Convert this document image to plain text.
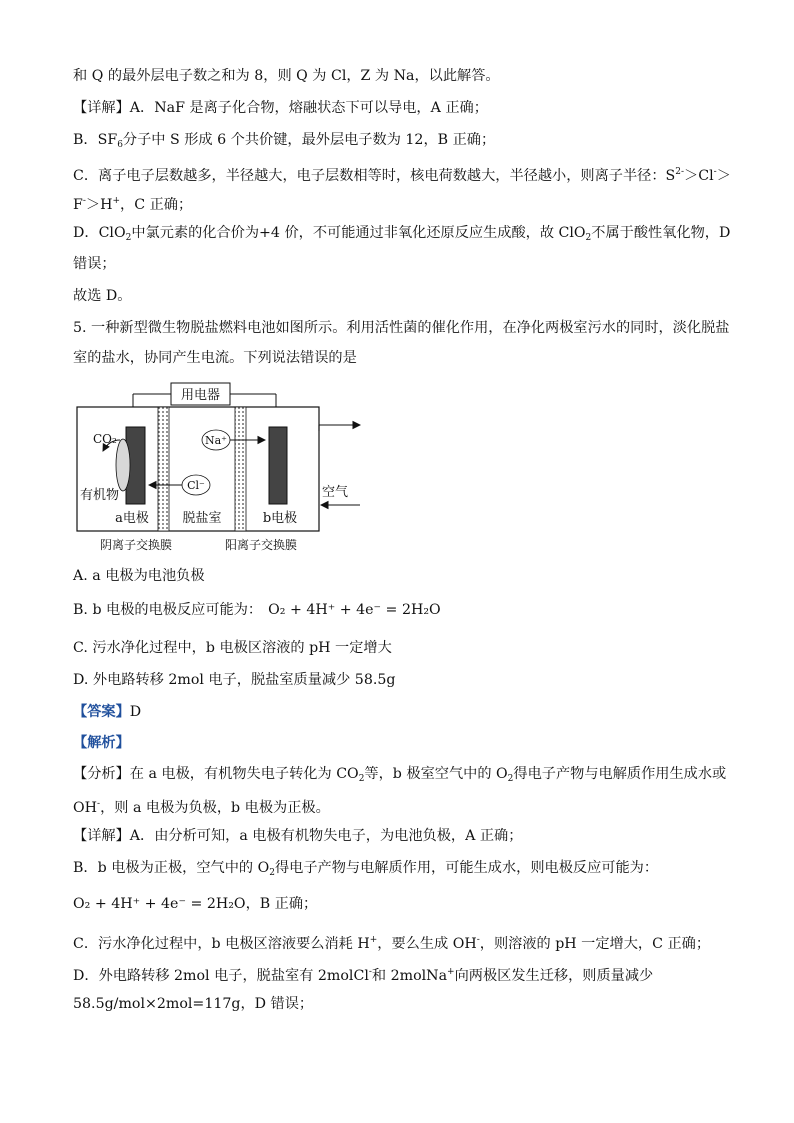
和 Q 的最外层电子数之和为 8，则 Q 为 Cl，Z 为 Na，以此解答。
【详解】A．NaF 是离子化合物，熔融状态下可以导电，A 正确；
B．$SF_6$分子中 S 形成 6 个共价键，最外层电子数为 12，B 正确；
C．离子电子层数越多，半径越大，电子层数相等时，核电荷数越大，半径越小，则离子半径：$S^{2-}>Cl^->$
F-＞H+，C 正确；
D．ClO$_2$中氯元素的化合价为+4 价，不可能通过非氧化还原反应生成酸，故 ClO$_2$不属于酸性氧化物，D
错误；
故选 D。
5. 一种新型微生物脱盐燃料电池如图所示。利用活性菌的催化作用，在净化两极室污水的同时，淡化脱盐
室的盐水，协同产生电流。下列说法错误的是
用电器
CO₂
有机物
Na⁺
Cl⁻
a电极	脱盐室	b电极
空气
阴离子交换膜	阳离子交换膜
A. a 电极为电池负极
B. b 电极的电极反应可能为： O₂ + 4H⁺ + 4e⁻ = 2H₂O
C. 污水净化过程中，b 电极区溶液的 pH 一定增大
D. 外电路转移 2mol 电子，脱盐室质量减少 58.5g
【答案】D
【解析】
【分析】在 a 电极，有机物失电子转化为 $CO_2$等，b 极室空气中的 $O_2$得电子产物与电解质作用生成水或
OH-，则 a 电极为负极，b 电极为正极。
【详解】A．由分析可知，a 电极有机物失电子，为电池负极，A 正确；
B．b 电极为正极，空气中的 $O_2$得电子产物与电解质作用，可能生成水，则电极反应可能为：
O₂ + 4H⁺ + 4e⁻ = 2H₂O，B 正确；
C．污水净化过程中，b 电极区溶液要么消耗 H+，要么生成 OH-，则溶液的 pH 一定增大，C 正确；
D．外电路转移 2mol 电子，脱盐室有 2molCl-和 2molNa+向两极区发生迁移，则质量减少
58.5g/mol×2mol=117g，D 错误；
